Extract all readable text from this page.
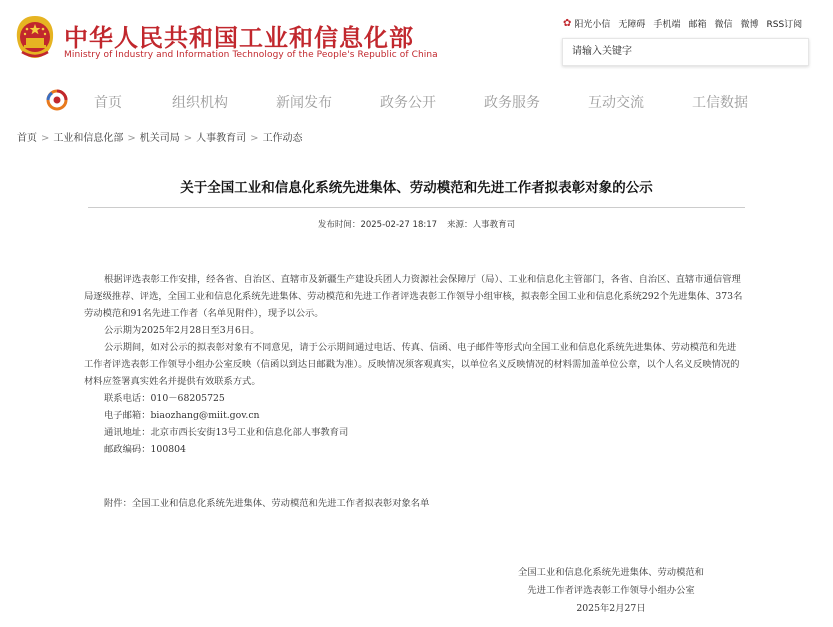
中华人民共和国工业和信息化部
Ministry of Industry and Information Technology of the People's Republic of China
✿ 阳光小信 无障碍 手机端 邮箱 微信 微博 RSS订阅
请输入关键字
首页	组织机构	新闻发布	政务公开	政务服务	互动交流	工信数据
首页 > 工业和信息化部 > 机关司局 > 人事教育司 > 工作动态
关于全国工业和信息化系统先进集体、劳动模范和先进工作者拟表彰对象的公示
发布时间：2025-02-27 18:17 来源：人事教育司

根据评选表彰工作安排，经各省、自治区、直辖市及新疆生产建设兵团人力资源社会保障厅（局）、工业和信息化主管部门，各省、自治区、直辖市通信管理局逐级推荐、评选，全国工业和信息化系统先进集体、劳动模范和先进工作者评选表彰工作领导小组审核，拟表彰全国工业和信息化系统292个先进集体、373名劳动模范和91名先进工作者（名单见附件），现予以公示。

公示期为2025年2月28日至3月6日。

公示期间，如对公示的拟表彰对象有不同意见，请于公示期间通过电话、传真、信函、电子邮件等形式向全国工业和信息化系统先进集体、劳动模范和先进工作者评选表彰工作领导小组办公室反映（信函以到达日邮戳为准）。反映情况须客观真实，以单位名义反映情况的材料需加盖单位公章，以个人名义反映情况的材料应签署真实姓名并提供有效联系方式。

联系电话：010－68205725

电子邮箱：biaozhang@miit.gov.cn

通讯地址：北京市西长安街13号工业和信息化部人事教育司

邮政编码：100804

附件：全国工业和信息化系统先进集体、劳动模范和先进工作者拟表彰对象名单
全国工业和信息化系统先进集体、劳动模范和
先进工作者评选表彰工作领导小组办公室
2025年2月27日
